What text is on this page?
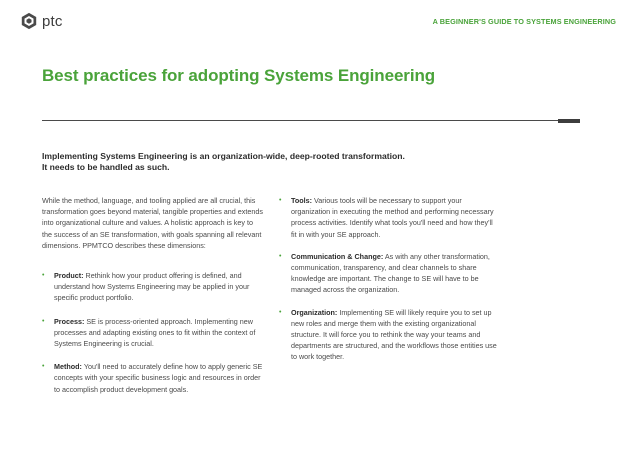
ptc	A BEGINNER'S GUIDE TO SYSTEMS ENGINEERING
Best practices for adopting Systems Engineering
Implementing Systems Engineering is an organization-wide, deep-rooted transformation.
It needs to be handled as such.

While the method, language, and tooling applied are all crucial, this transformation goes beyond material, tangible properties and extends into organizational culture and values. A holistic approach is key to the success of an SE transformation, with goals spanning all relevant dimensions. PPMTCO describes these dimensions:

• Product: Rethink how your product offering is defined, and understand how Systems Engineering may be applied in your specific product portfolio.
• Process: SE is process-oriented approach. Implementing new processes and adapting existing ones to fit within the context of Systems Engineering is crucial.
• Method: You'll need to accurately define how to apply generic SE concepts with your specific business logic and resources in order to accomplish product development goals.
• Tools: Various tools will be necessary to support your organization in executing the method and performing necessary process activities. Identify what tools you'll need and how they'll fit in with your SE approach.
• Communication & Change: As with any other transformation, communication, transparency, and clear channels to share knowledge are important. The change to SE will have to be managed across the organization.
• Organization: Implementing SE will likely require you to set up new roles and merge them with the existing organizational structure. It will force you to rethink the way your teams and departments are structured, and the workflows those entities use to work together.
